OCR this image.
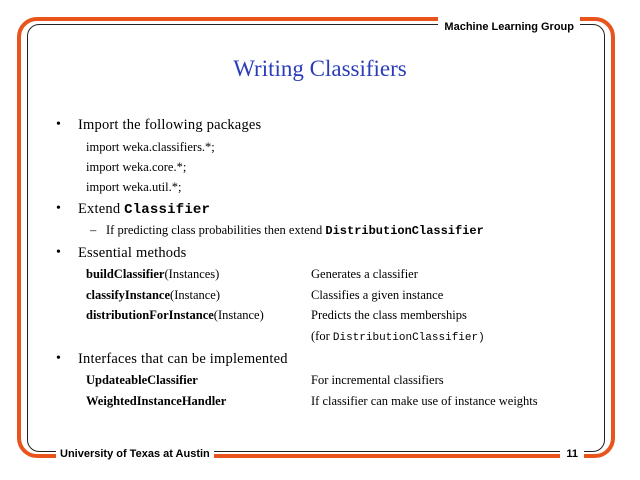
Machine Learning Group
Writing Classifiers
• Import the following packages
import weka.classifiers.*;
import weka.core.*;
import weka.util.*;
• Extend Classifier
– If predicting class probabilities then extend DistributionClassifier
• Essential methods
buildClassifier(Instances)	Generates a classifier
classifyInstance(Instance)	Classifies a given instance
distributionForInstance(Instance)	Predicts the class memberships
(for DistributionClassifier)
• Interfaces that can be implemented
UpdateableClassifier	For incremental classifiers
WeightedInstanceHandler	If classifier can make use of instance weights
University of Texas at Austin	11
